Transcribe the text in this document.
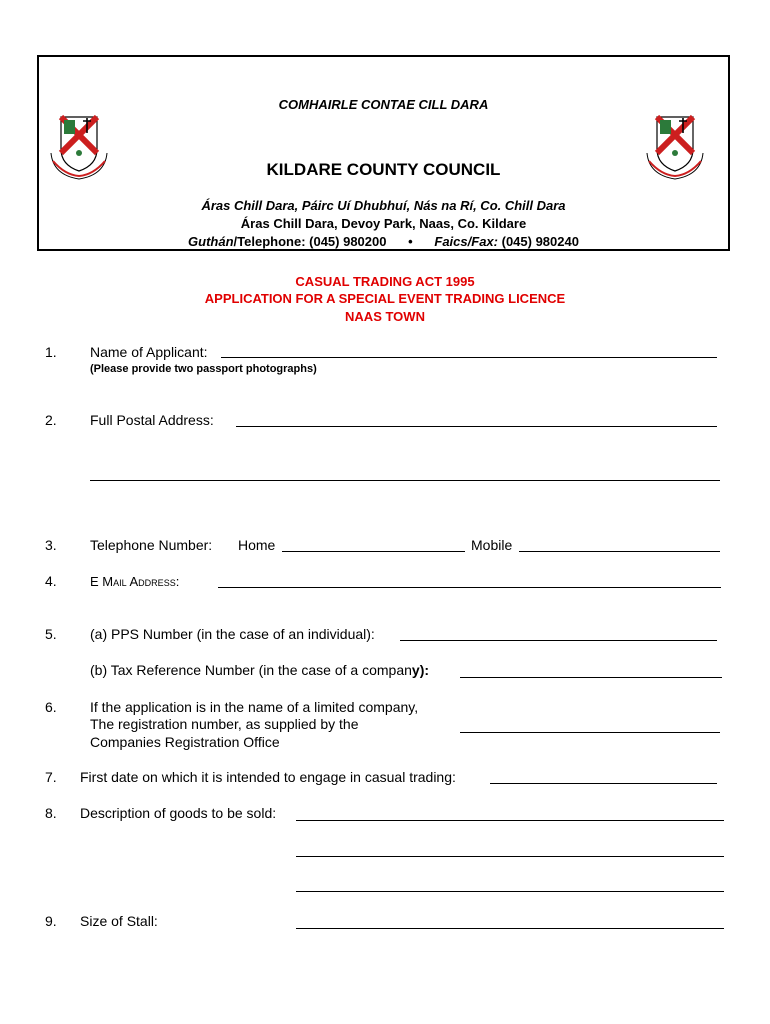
COMHAIRLE CONTAE CILL DARA
KILDARE COUNTY COUNCIL
Áras Chill Dara, Páirc Uí Dhubhuí, Nás na Rí, Co. Chill Dara
Áras Chill Dara, Devoy Park, Naas, Co. Kildare
Guthán/Telephone: (045) 980200 • Faics/Fax: (045) 980240
CASUAL TRADING ACT 1995
APPLICATION FOR A SPECIAL EVENT TRADING LICENCE
NAAS TOWN
1. Name of Applicant:
(Please provide two passport photographs)
2. Full Postal Address:
3. Telephone Number: Home	Mobile
4.	E Mail Address:
5. (a) PPS Number (in the case of an individual):
(b) Tax Reference Number (in the case of a company):
6. If the application is in the name of a limited company,
The registration number, as supplied by the
Companies Registration Office
7. First date on which it is intended to engage in casual trading:
8. Description of goods to be sold:
9. Size of Stall:
